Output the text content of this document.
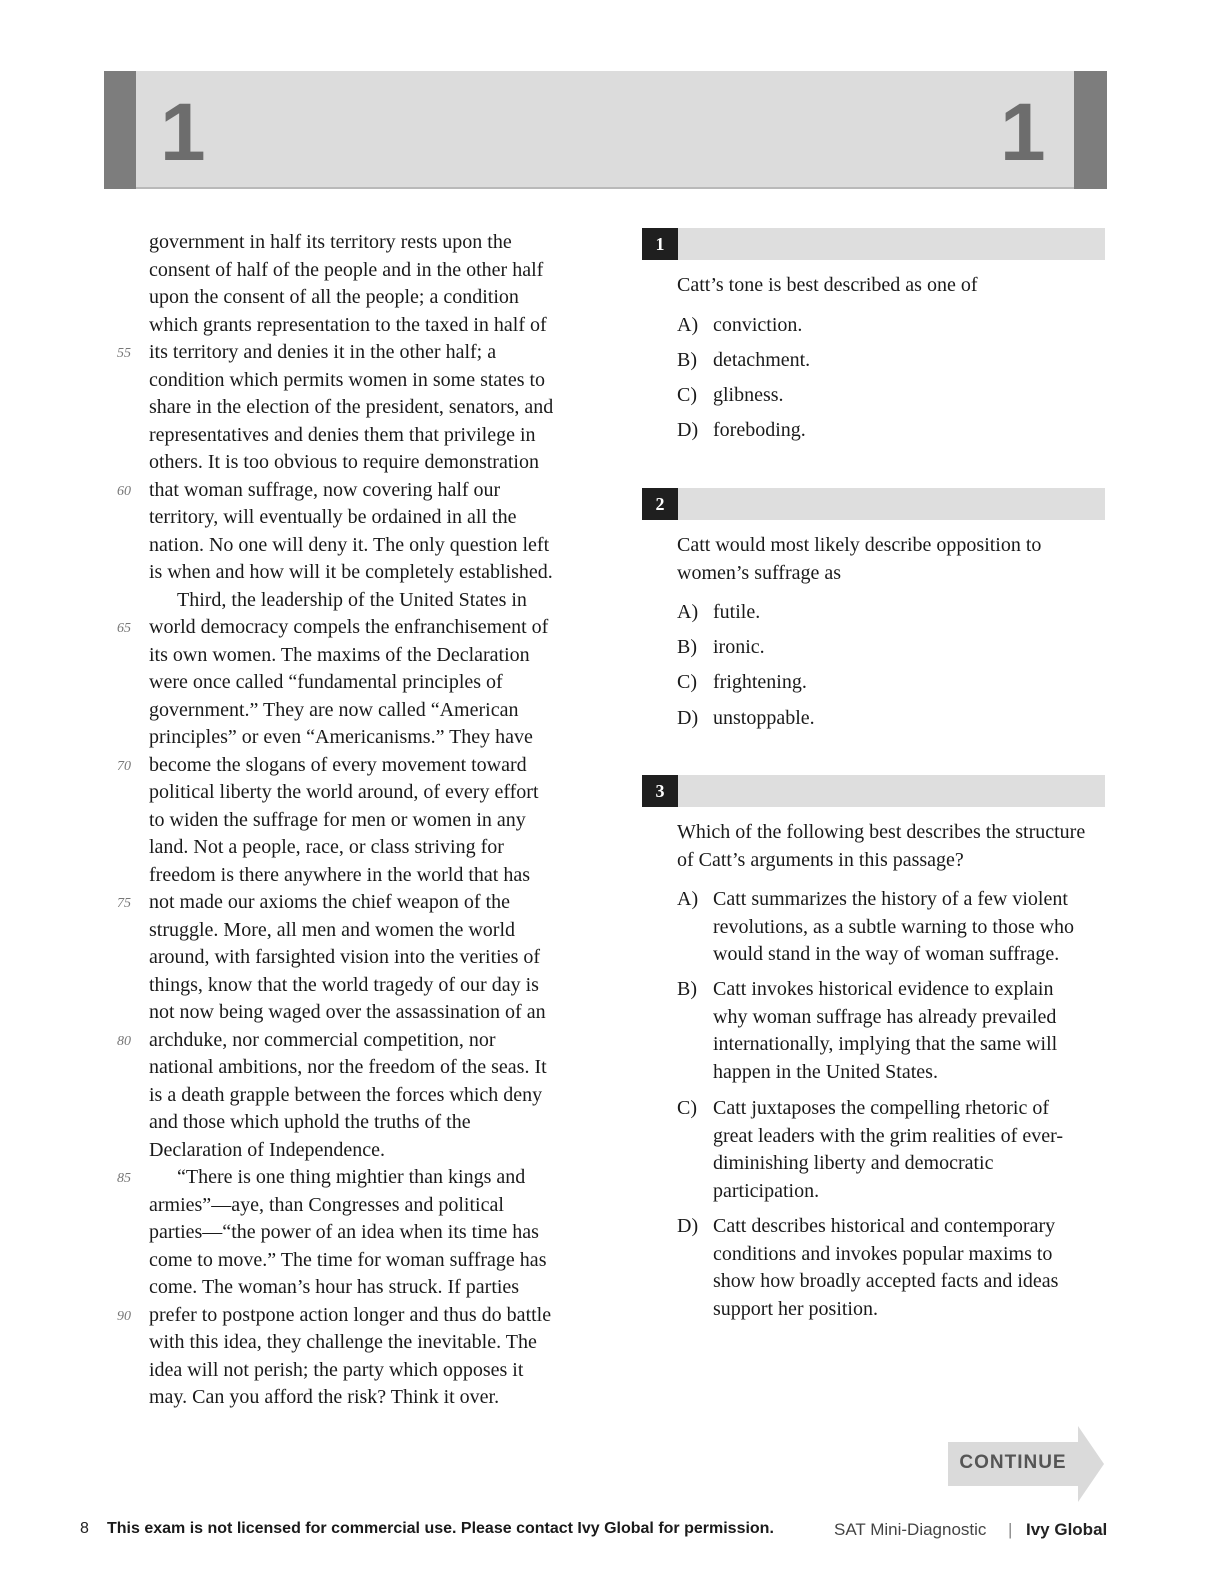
1	1
government in half its territory rests upon the
consent of half of the people and in the other half
upon the consent of all the people; a condition
which grants representation to the taxed in half of
its territory and denies it in the other half; a
condition which permits women in some states to
share in the election of the president, senators, and
representatives and denies them that privilege in
others. It is too obvious to require demonstration
that woman suffrage, now covering half our
territory, will eventually be ordained in all the
nation. No one will deny it. The only question left
is when and how will it be completely established.
Third, the leadership of the United States in
world democracy compels the enfranchisement of
its own women. The maxims of the Declaration
were once called “fundamental principles of
government.” They are now called “American
principles” or even “Americanisms.” They have
become the slogans of every movement toward
political liberty the world around, of every effort
to widen the suffrage for men or women in any
land. Not a people, race, or class striving for
freedom is there anywhere in the world that has
not made our axioms the chief weapon of the
struggle. More, all men and women the world
around, with farsighted vision into the verities of
things, know that the world tragedy of our day is
not now being waged over the assassination of an
archduke, nor commercial competition, nor
national ambitions, nor the freedom of the seas. It
is a death grapple between the forces which deny
and those which uphold the truths of the
Declaration of Independence.
“There is one thing mightier than kings and
armies”—aye, than Congresses and political
parties—“the power of an idea when its time has
come to move.” The time for woman suffrage has
come. The woman’s hour has struck. If parties
prefer to postpone action longer and thus do battle
with this idea, they challenge the inevitable. The
idea will not perish; the party which opposes it
may. Can you afford the risk? Think it over.
55
60
65
70
75
80
85
90
1
Catt’s tone is best described as one of
A) conviction.
B) detachment.
C) glibness.
D) foreboding.
2
Catt would most likely describe opposition to
women’s suffrage as
A) futile.
B) ironic.
C) frightening.
D) unstoppable.
3
Which of the following best describes the structure
of Catt’s arguments in this passage?
A) Catt summarizes the history of a few violent
revolutions, as a subtle warning to those who
would stand in the way of woman suffrage.
B) Catt invokes historical evidence to explain
why woman suffrage has already prevailed
internationally, implying that the same will
happen in the United States.
C) Catt juxtaposes the compelling rhetoric of
great leaders with the grim realities of ever-
diminishing liberty and democratic
participation.
D) Catt describes historical and contemporary
conditions and invokes popular maxims to
show how broadly accepted facts and ideas
support her position.
CONTINUE
8 This exam is not licensed for commercial use. Please contact Ivy Global for permission.	SAT Mini-Diagnostic | Ivy Global
